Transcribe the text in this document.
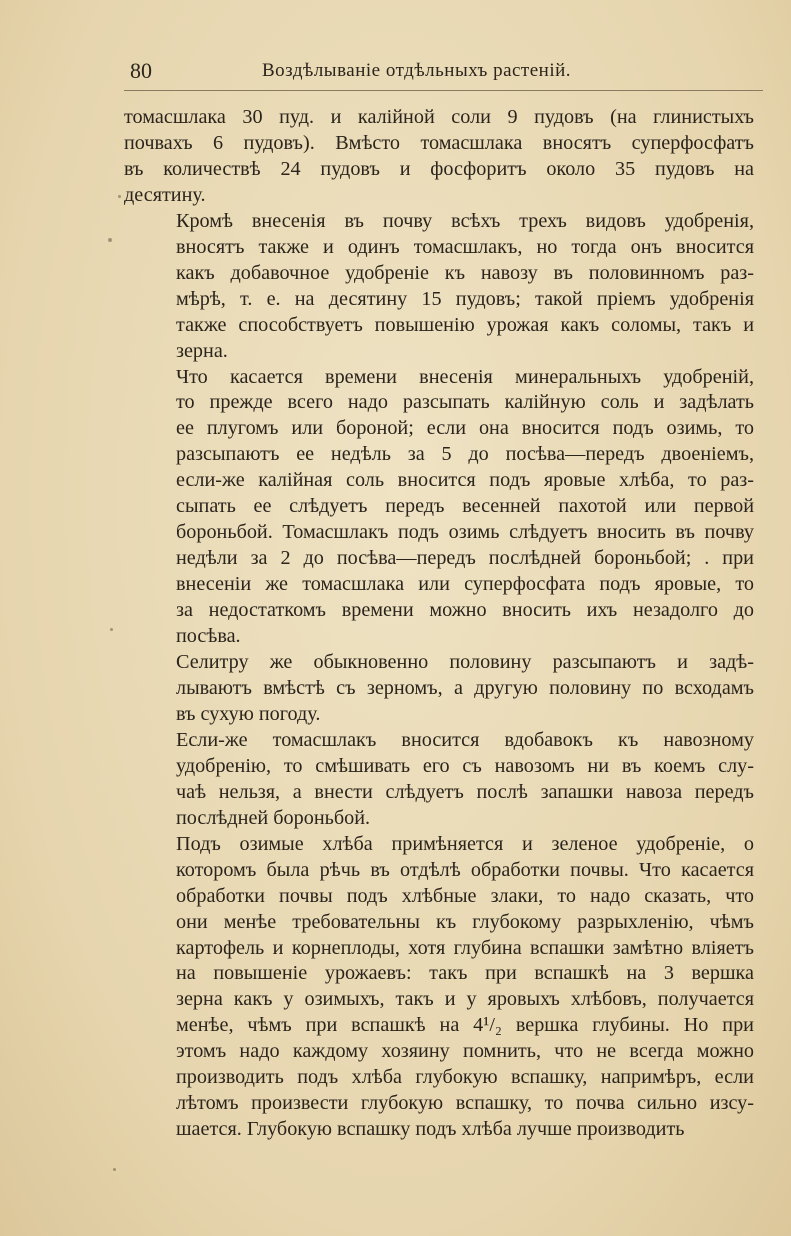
80	Воздѣлываніе отдѣльныхъ растеній.

томасшлака 30 пуд. и калійной соли 9 пудовъ (на глинистыхъ
почвахъ 6 пудовъ). Вмѣсто томасшлака вносятъ суперфосфатъ
въ количествѣ 24 пудовъ и фосфоритъ около 35 пудовъ на
десятину.

Кромѣ внесенія въ почву всѣхъ трехъ видовъ удобренія,
вносятъ также и одинъ томасшлакъ, но тогда онъ вносится
какъ добавочное удобреніе къ навозу въ половинномъ раз-
мѣрѣ, т. е. на десятину 15 пудовъ; такой пріемъ удобренія
также способствуетъ повышенію урожая какъ соломы, такъ и
зерна.

Что касается времени внесенія минеральныхъ удобреній,
то прежде всего надо разсыпать калійную соль и задѣлать
ее плугомъ или бороной; если она вносится подъ озимь, то
разсыпаютъ ее недѣль за 5 до посѣва—передъ двоеніемъ,
если-же калійная соль вносится подъ яровые хлѣба, то раз-
сыпать ее слѣдуетъ передъ весенней пахотой или первой
бороньбой. Томасшлакъ подъ озимь слѣдуетъ вносить въ почву
недѣли за 2 до посѣва—передъ послѣдней бороньбой; . при
внесеніи же томасшлака или суперфосфата подъ яровые, то
за недостаткомъ времени можно вносить ихъ незадолго до
посѣва.

Селитру же обыкновенно половину разсыпаютъ и задѣ-
лываютъ вмѣстѣ съ зерномъ, а другую половину по всходамъ
въ сухую погоду.

Если-же томасшлакъ вносится вдобавокъ къ навозному
удобренію, то смѣшивать его съ навозомъ ни въ коемъ слу-
чаѣ нельзя, а внести слѣдуетъ послѣ запашки навоза передъ
послѣдней бороньбой.

Подъ озимые хлѣба примѣняется и зеленое удобреніе, о
которомъ была рѣчь въ отдѣлѣ обработки почвы. Что касается
обработки почвы подъ хлѣбные злаки, то надо сказать, что
они менѣе требовательны къ глубокому разрыхленію, чѣмъ
картофель и корнеплоды, хотя глубина вспашки замѣтно вліяетъ
на повышеніе урожаевъ: такъ при вспашкѣ на 3 вершка
зерна какъ у озимыхъ, такъ и у яровыхъ хлѣбовъ, получается
менѣе, чѣмъ при вспашкѣ на 4¹/₂ вершка глубины. Но при
этомъ надо каждому хозяину помнить, что не всегда можно
производить подъ хлѣба глубокую вспашку, напримѣръ, если
лѣтомъ произвести глубокую вспашку, то почва сильно изсу-
шается. Глубокую вспашку подъ хлѣба лучше производить
